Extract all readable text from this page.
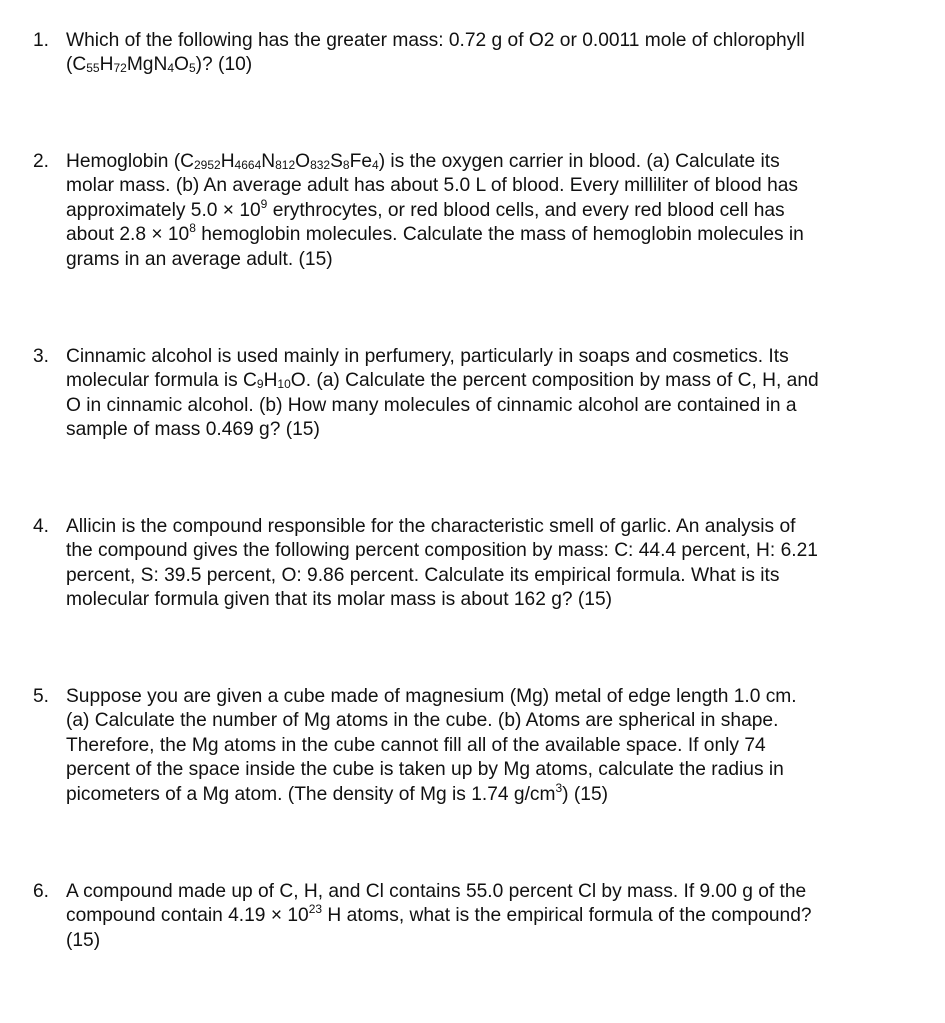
1. Which of the following has the greater mass: 0.72 g of O2 or 0.0011 mole of chlorophyll
(C55H72MgN4O5)? (10)
2. Hemoglobin (C2952H4664N812O832S8Fe4) is the oxygen carrier in blood. (a) Calculate its
molar mass. (b) An average adult has about 5.0 L of blood. Every milliliter of blood has
approximately $5.0 \times 10^9$ erythrocytes, or red blood cells, and every red blood cell has
about $2.8 \times 10^8$ hemoglobin molecules. Calculate the mass of hemoglobin molecules in
grams in an average adult. (15)
3. Cinnamic alcohol is used mainly in perfumery, particularly in soaps and cosmetics. Its
molecular formula is C9H10O. (a) Calculate the percent composition by mass of C, H, and
O in cinnamic alcohol. (b) How many molecules of cinnamic alcohol are contained in a
sample of mass 0.469 g? (15)
4. Allicin is the compound responsible for the characteristic smell of garlic. An analysis of
the compound gives the following percent composition by mass: C: 44.4 percent, H: 6.21
percent, S: 39.5 percent, O: 9.86 percent. Calculate its empirical formula. What is its
molecular formula given that its molar mass is about 162 g? (15)
5. Suppose you are given a cube made of magnesium (Mg) metal of edge length 1.0 cm.
(a) Calculate the number of Mg atoms in the cube. (b) Atoms are spherical in shape.
Therefore, the Mg atoms in the cube cannot fill all of the available space. If only 74
percent of the space inside the cube is taken up by Mg atoms, calculate the radius in
picometers of a Mg atom. (The density of Mg is 1.74 $g/cm^3$) (15)
6. A compound made up of C, H, and Cl contains 55.0 percent Cl by mass. If 9.00 g of the
compound contain $4.19 \times 10^{23}$ H atoms, what is the empirical formula of the compound?
(15)
